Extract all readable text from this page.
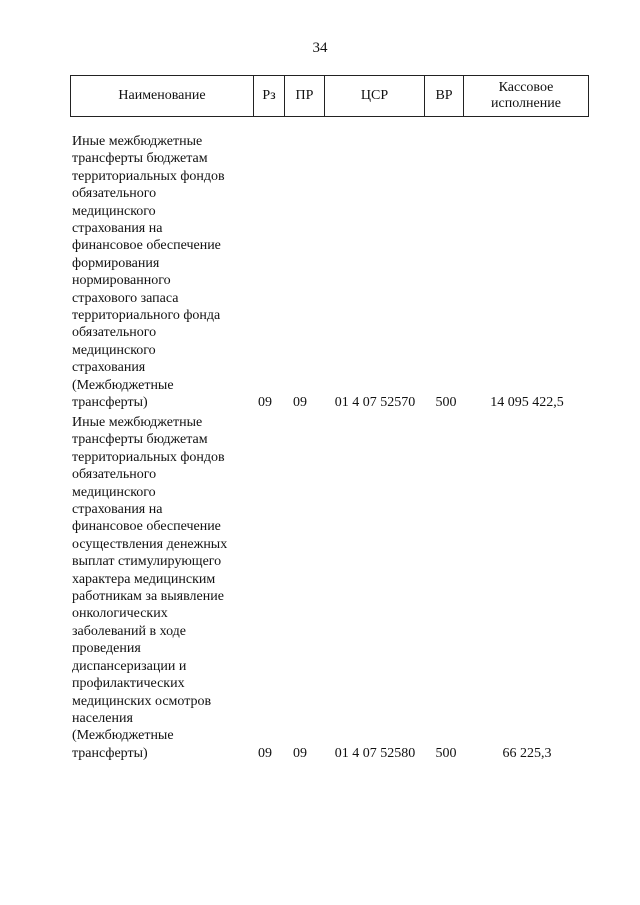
34
Наименование	Рз	ПР	ЦСР	ВР	Кассовое
исполнение
Иные межбюджетные
трансферты бюджетам
территориальных фондов
обязательного
медицинского
страхования на
финансовое обеспечение
формирования
нормированного
страхового запаса
территориального фонда
обязательного
медицинского
страхования
(Межбюджетные
трансферты)	09	09	01 4 07 52570	500	14 095 422,5
Иные межбюджетные
трансферты бюджетам
территориальных фондов
обязательного
медицинского
страхования на
финансовое обеспечение
осуществления денежных
выплат стимулирующего
характера медицинским
работникам за выявление
онкологических
заболеваний в ходе
проведения
диспансеризации и
профилактических
медицинских осмотров
населения
(Межбюджетные
трансферты)	09	09	01 4 07 52580	500	66 225,3
